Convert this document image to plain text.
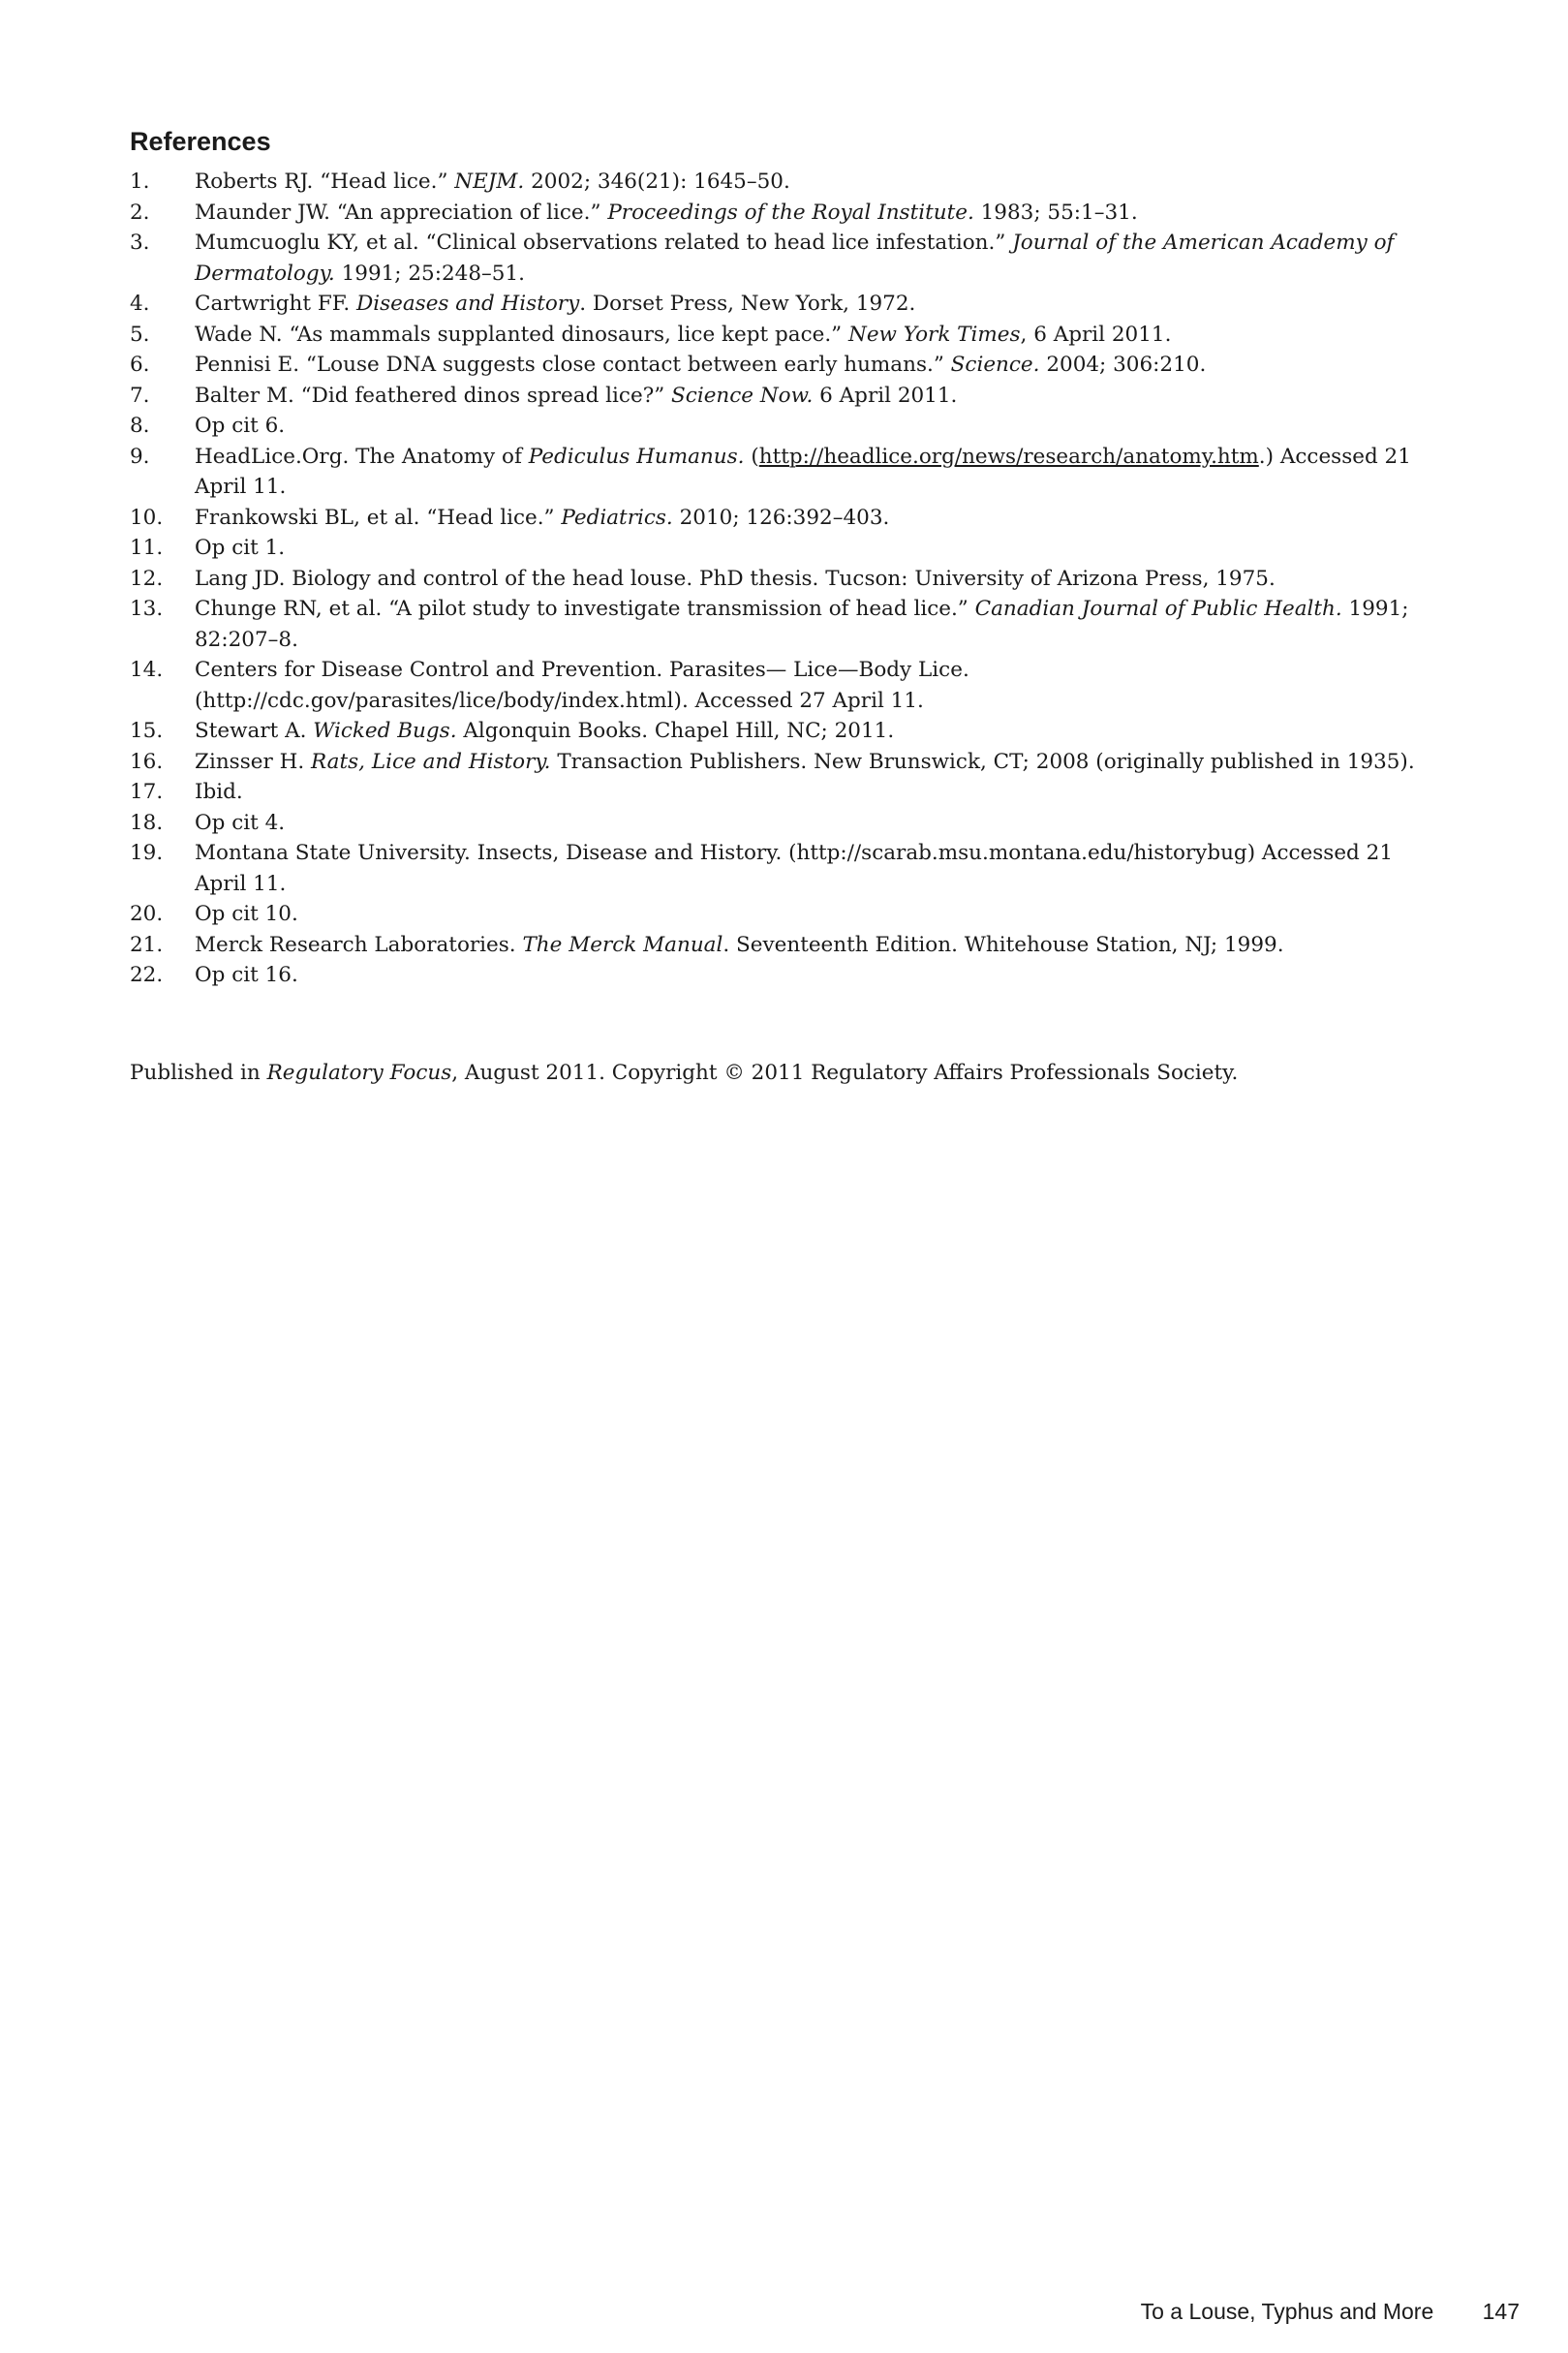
References
1. Roberts RJ. “Head lice.” NEJM. 2002; 346(21): 1645–50.
2. Maunder JW. “An appreciation of lice.” Proceedings of the Royal Institute. 1983; 55:1–31.
3. Mumcuoglu KY, et al. “Clinical observations related to head lice infestation.” Journal of the American Academy of Dermatology. 1991; 25:248–51.
4. Cartwright FF. Diseases and History. Dorset Press, New York, 1972.
5. Wade N. “As mammals supplanted dinosaurs, lice kept pace.” New York Times, 6 April 2011.
6. Pennisi E. “Louse DNA suggests close contact between early humans.” Science. 2004; 306:210.
7. Balter M. “Did feathered dinos spread lice?” Science Now. 6 April 2011.
8. Op cit 6.
9. HeadLice.Org. The Anatomy of Pediculus Humanus. (http://headlice.org/news/research/anatomy.htm.) Accessed 21 April 11.
10. Frankowski BL, et al. “Head lice.” Pediatrics. 2010; 126:392–403.
11. Op cit 1.
12. Lang JD. Biology and control of the head louse. PhD thesis. Tucson: University of Arizona Press, 1975.
13. Chunge RN, et al. “A pilot study to investigate transmission of head lice.” Canadian Journal of Public Health. 1991; 82:207–8.
14. Centers for Disease Control and Prevention. Parasites— Lice—Body Lice. (http://cdc.gov/parasites/lice/body/index.html). Accessed 27 April 11.
15. Stewart A. Wicked Bugs. Algonquin Books. Chapel Hill, NC; 2011.
16. Zinsser H. Rats, Lice and History. Transaction Publishers. New Brunswick, CT; 2008 (originally published in 1935).
17. Ibid.
18. Op cit 4.
19. Montana State University. Insects, Disease and History. (http://scarab.msu.montana.edu/historybug) Accessed 21 April 11.
20. Op cit 10.
21. Merck Research Laboratories. The Merck Manual. Seventeenth Edition. Whitehouse Station, NJ; 1999.
22. Op cit 16.

Published in Regulatory Focus, August 2011. Copyright © 2011 Regulatory Affairs Professionals Society.

To a Louse, Typhus and More 147
